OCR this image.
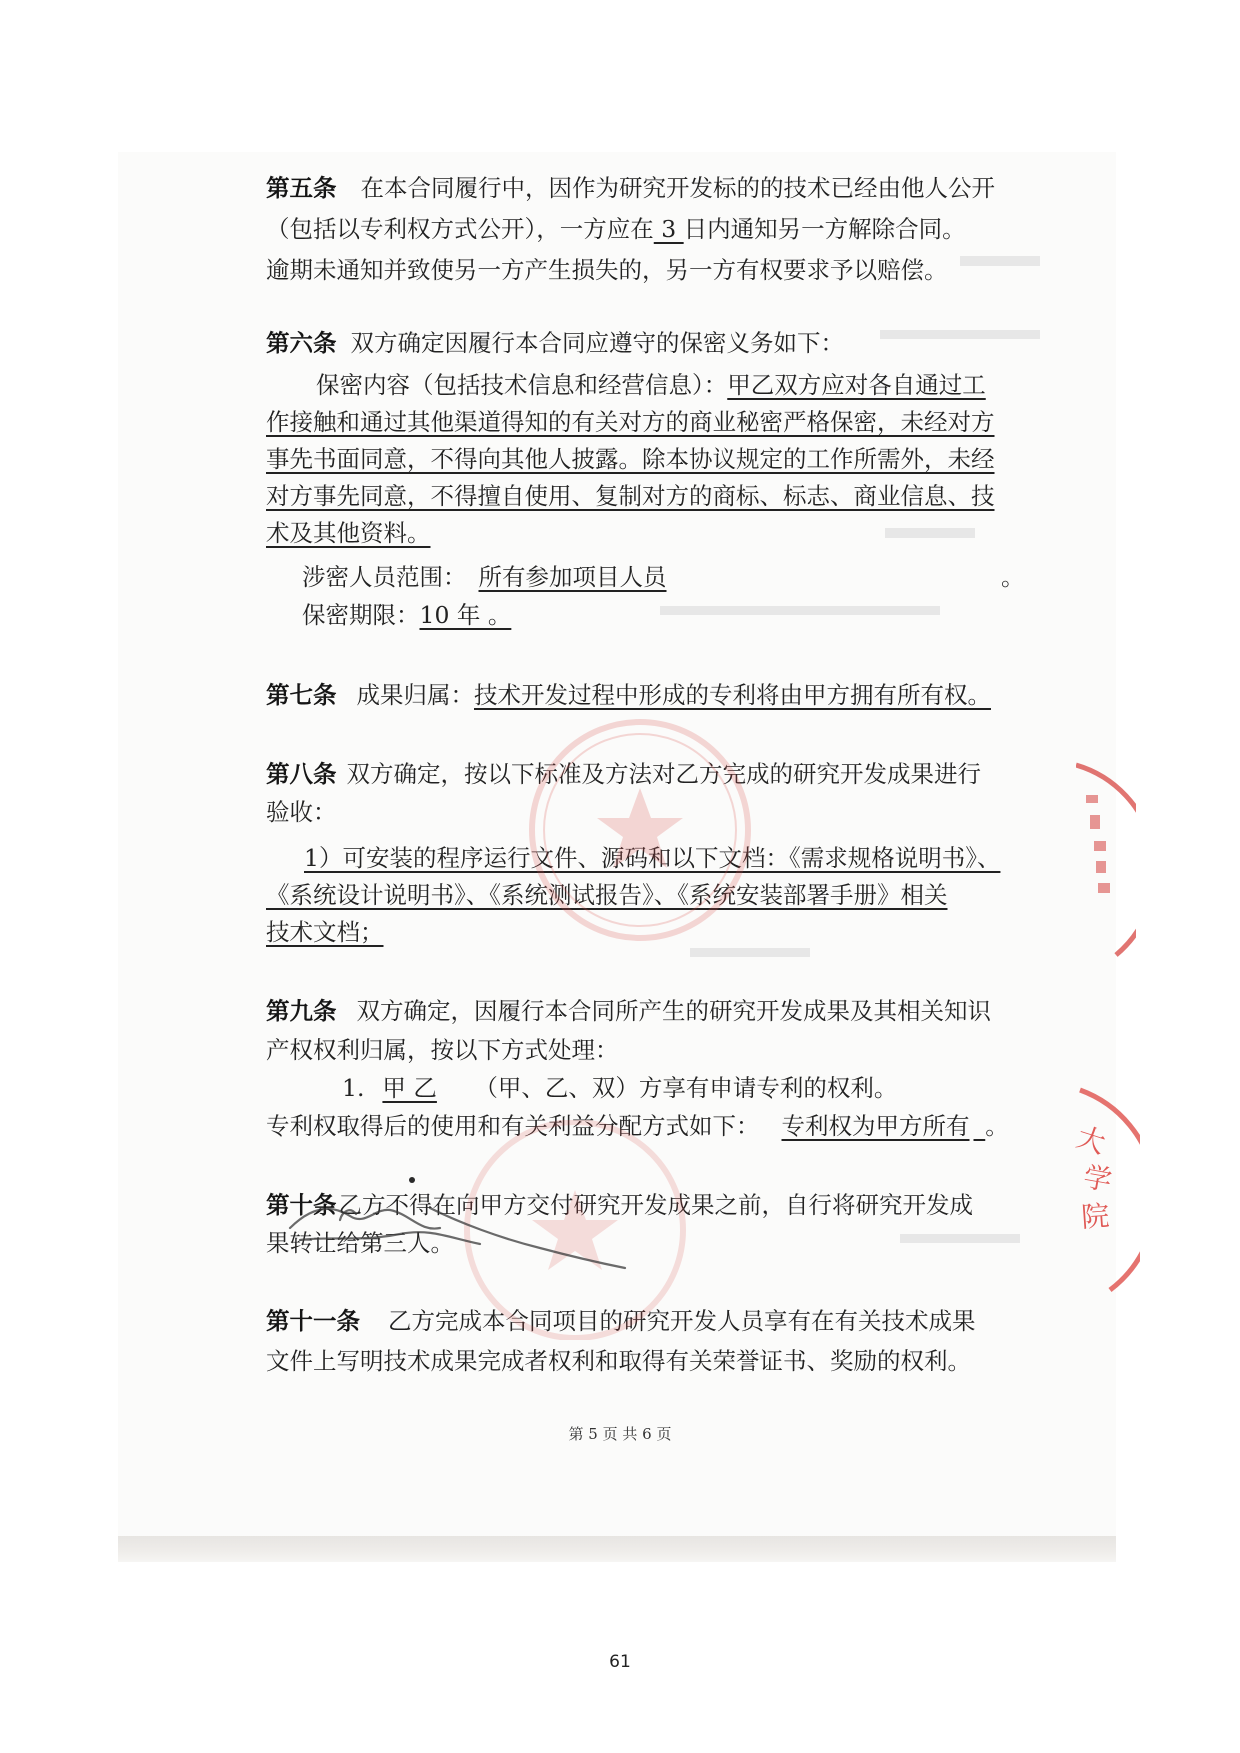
第五条 在本合同履行中，因作为研究开发标的的技术已经由他人公开
（包括以专利权方式公开），一方应在 3 日内通知另一方解除合同。
逾期未通知并致使另一方产生损失的，另一方有权要求予以赔偿。
第六条 双方确定因履行本合同应遵守的保密义务如下：
保密内容（包括技术信息和经营信息）：甲乙双方应对各自通过工
作接触和通过其他渠道得知的有关对方的商业秘密严格保密，未经对方
事先书面同意，不得向其他人披露。除本协议规定的工作所需外，未经
对方事先同意，不得擅自使用、复制对方的商标、标志、商业信息、技
术及其他资料。
涉密人员范围： 所有参加项目人员	。
保密期限：10 年 。
第七条 成果归属：技术开发过程中形成的专利将由甲方拥有所有权。
第八条 双方确定，按以下标准及方法对乙方完成的研究开发成果进行
验收：
1）可安装的程序运行文件、源码和以下文档：《需求规格说明书》、
《系统设计说明书》、《系统测试报告》、《系统安装部署手册》相关
技术文档；
第九条 双方确定，因履行本合同所产生的研究开发成果及其相关知识
产权权利归属，按以下方式处理：
1.甲 乙（甲、乙、双）方享有申请专利的权利。
专利权取得后的使用和有关利益分配方式如下： 专利权为甲方所有  。
第十条乙方不得在向甲方交付研究开发成果之前，自行将研究开发成
果转让给第三人。
第十一条 乙方完成本合同项目的研究开发人员享有在有关技术成果
文件上写明技术成果完成者权利和取得有关荣誉证书、奖励的权利。
第 5 页 共 6 页
61
大
学
院
